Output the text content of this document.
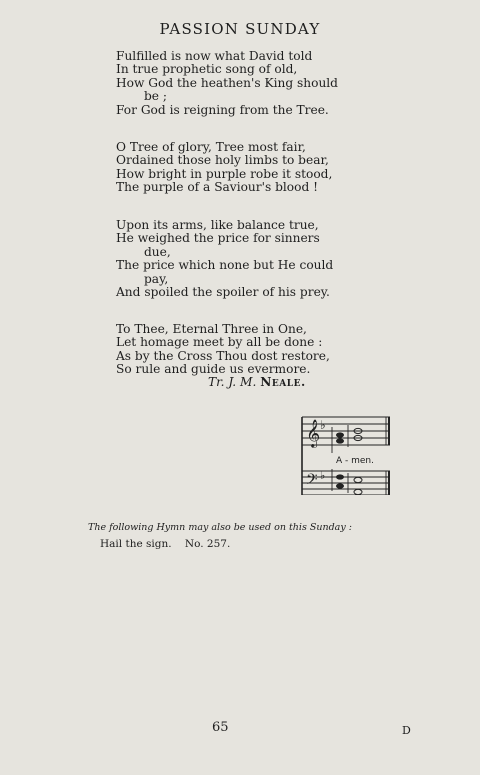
PASSION SUNDAY
Fulfilled is now what David told
In true prophetic song of old,
How God the heathen's King should
be ;
For God is reigning from the Tree.
O Tree of glory, Tree most fair,
Ordained those holy limbs to bear,
How bright in purple robe it stood,
The purple of a Saviour's blood !
Upon its arms, like balance true,
He weighed the price for sinners
due,
The price which none but He could
pay,
And spoiled the spoiler of his prey.
To Thee, Eternal Three in One,
Let homage meet by all be done :
As by the Cross Thou dost restore,
So rule and guide us evermore.
Tr. J. M. Neale.
𝄞
𝄢
♭
♭
A - men.
The following Hymn may also be used on this Sunday :
Hail the sign. No. 257.
65	D
